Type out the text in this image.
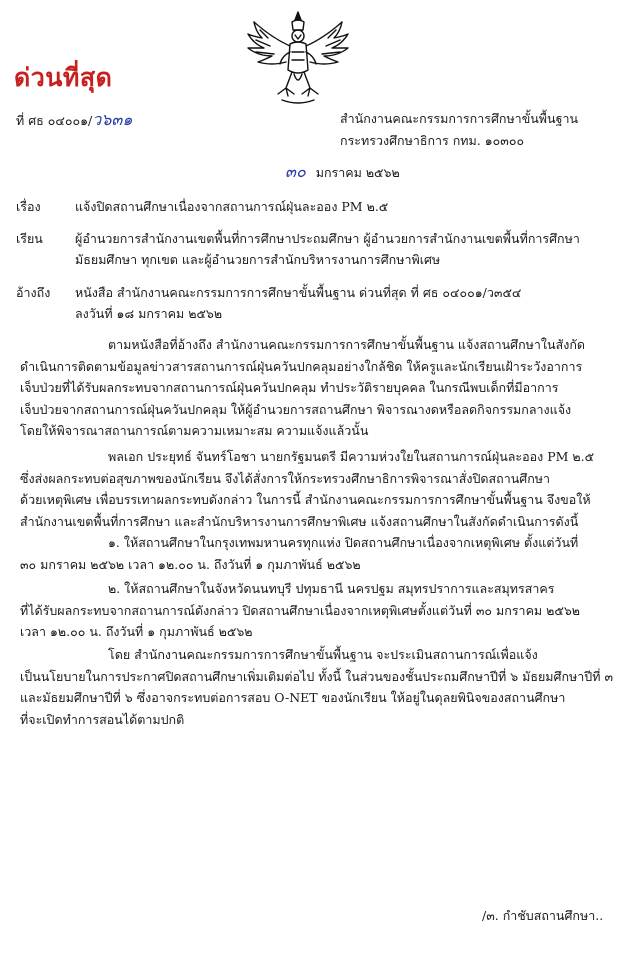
ด่วนที่สุด
ที่ ศธ ๐๔๐๐๑/ว๖๓๑	สำนักงานคณะกรรมการการศึกษาขั้นพื้นฐาน
กระทรวงศึกษาธิการ กทม. ๑๐๓๐๐
๓๐ มกราคม ๒๕๖๒
เรื่อง	แจ้งปิดสถานศึกษาเนื่องจากสถานการณ์ฝุ่นละออง PM ๒.๕
เรียน	ผู้อำนวยการสำนักงานเขตพื้นที่การศึกษาประถมศึกษา ผู้อำนวยการสำนักงานเขตพื้นที่การศึกษา
มัธยมศึกษา ทุกเขต และผู้อำนวยการสำนักบริหารงานการศึกษาพิเศษ
อ้างถึง หนังสือ สำนักงานคณะกรรมการการศึกษาขั้นพื้นฐาน ด่วนที่สุด ที่ ศธ ๐๔๐๐๑/ว๓๕๔
ลงวันที่ ๑๘ มกราคม ๒๕๖๒
ตามหนังสือที่อ้างถึง สำนักงานคณะกรรมการการศึกษาขั้นพื้นฐาน แจ้งสถานศึกษาในสังกัด
ดำเนินการติดตามข้อมูลข่าวสารสถานการณ์ฝุ่นควันปกคลุมอย่างใกล้ชิด ให้ครูและนักเรียนเฝ้าระวังอาการ
เจ็บป่วยที่ได้รับผลกระทบจากสถานการณ์ฝุ่นควันปกคลุม ทำประวัติรายบุคคล ในกรณีพบเด็กที่มีอาการ
เจ็บป่วยจากสถานการณ์ฝุ่นควันปกคลุม ให้ผู้อำนวยการสถานศึกษา พิจารณางดหรือลดกิจกรรมกลางแจ้ง
โดยให้พิจารณาสถานการณ์ตามความเหมาะสม ความแจ้งแล้วนั้น
พลเอก ประยุทธ์ จันทร์โอชา นายกรัฐมนตรี มีความห่วงใยในสถานการณ์ฝุ่นละออง PM ๒.๕
ซึ่งส่งผลกระทบต่อสุขภาพของนักเรียน จึงได้สั่งการให้กระทรวงศึกษาธิการพิจารณาสั่งปิดสถานศึกษา
ด้วยเหตุพิเศษ เพื่อบรรเทาผลกระทบดังกล่าว ในการนี้ สำนักงานคณะกรรมการการศึกษาขั้นพื้นฐาน จึงขอให้
สำนักงานเขตพื้นที่การศึกษา และสำนักบริหารงานการศึกษาพิเศษ แจ้งสถานศึกษาในสังกัดดำเนินการดังนี้
๑. ให้สถานศึกษาในกรุงเทพมหานครทุกแห่ง ปิดสถานศึกษาเนื่องจากเหตุพิเศษ ตั้งแต่วันที่
๓๐ มกราคม ๒๕๖๒ เวลา ๑๒.๐๐ น. ถึงวันที่ ๑ กุมภาพันธ์ ๒๕๖๒
๒. ให้สถานศึกษาในจังหวัดนนทบุรี ปทุมธานี นครปฐม สมุทรปราการและสมุทรสาคร
ที่ได้รับผลกระทบจากสถานการณ์ดังกล่าว ปิดสถานศึกษาเนื่องจากเหตุพิเศษตั้งแต่วันที่ ๓๐ มกราคม ๒๕๖๒
เวลา ๑๒.๐๐ น. ถึงวันที่ ๑ กุมภาพันธ์ ๒๕๖๒
โดย สำนักงานคณะกรรมการการศึกษาขั้นพื้นฐาน จะประเมินสถานการณ์เพื่อแจ้ง
เป็นนโยบายในการประกาศปิดสถานศึกษาเพิ่มเติมต่อไป ทั้งนี้ ในส่วนของชั้นประถมศึกษาปีที่ ๖ มัธยมศึกษาปีที่ ๓
และมัธยมศึกษาปีที่ ๖ ซึ่งอาจกระทบต่อการสอบ O-NET ของนักเรียน ให้อยู่ในดุลยพินิจของสถานศึกษา
ที่จะเปิดทำการสอนได้ตามปกติ
/๓. กำชับสถานศึกษา..
